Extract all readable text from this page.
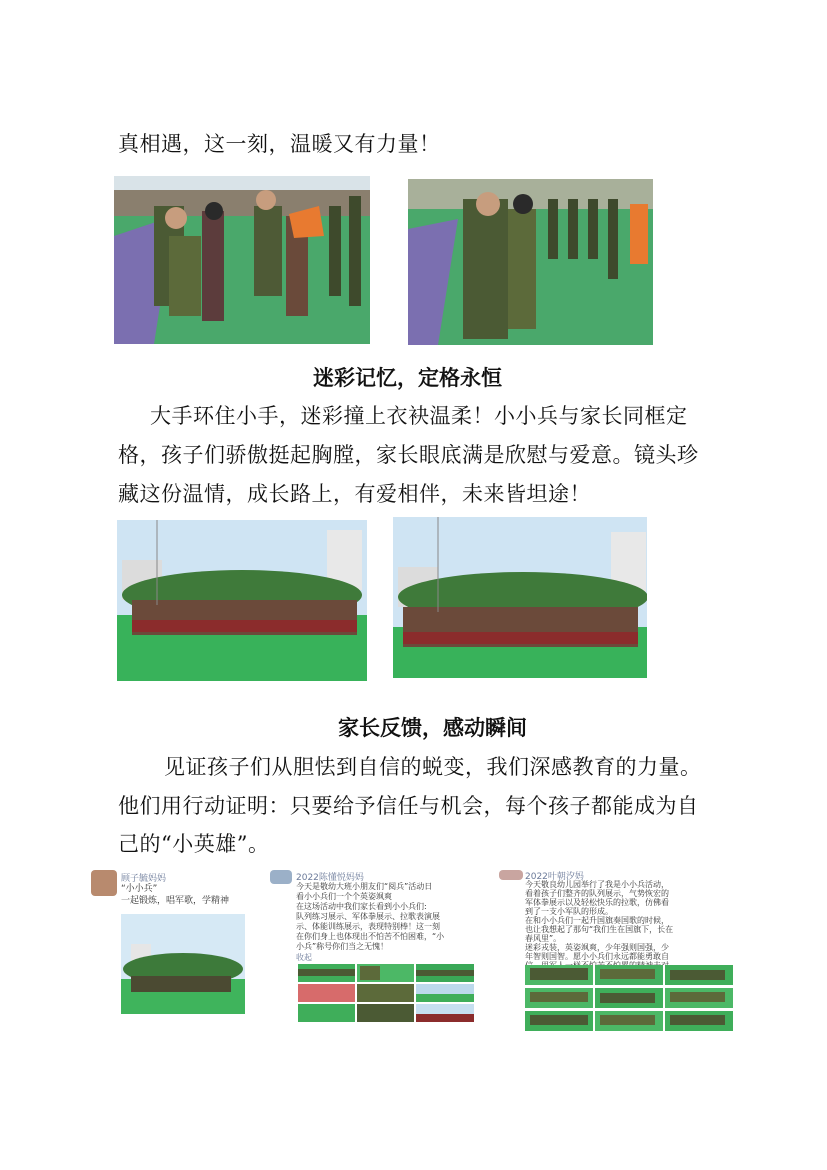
真相遇，这一刻，温暖又有力量！
迷彩记忆，定格永恒
大手环住小手，迷彩撞上衣袂温柔！小小兵与家长同框定
格，孩子们骄傲挺起胸膛，家长眼底满是欣慰与爱意。镜头珍
藏这份温情，成长路上，有爱相伴，未来皆坦途！
家长反馈，感动瞬间
见证孩子们从胆怯到自信的蜕变，我们深感教育的力量。
他们用行动证明：只要给予信任与机会，每个孩子都能成为自
己的“小英雄”。
顾子毓妈妈
“小小兵”
一起锻炼，唱军歌，学精神
2022陈懂悦妈妈
今天是敬幼大班小朋友们“阅兵”活动日
看小小兵们一个个英姿飒爽
在这场活动中我们家长看到小小兵们:
队列练习展示、军体拳展示、拉歌表演展
示、体能训练展示，表现特别棒！这一刻
在你们身上也体现出不怕苦不怕困难，“小
小兵”称号你们当之无愧！
收起
2022叶朝汐妈
今天敬良幼儿园举行了我是小小兵活动，
看着孩子们整齐的队列展示，气势恢宏的
军体拳展示以及轻松快乐的拉歌，仿佛看
到了一支小军队的形成。
在和小小兵们一起升国旗奏国歌的时候，
也让我想起了那句“我们生在国旗下，长在
春风里”。
迷彩戎装，英姿飒爽，少年强则国强，少
年智则国智。愿小小兵们永远都能勇敢自
